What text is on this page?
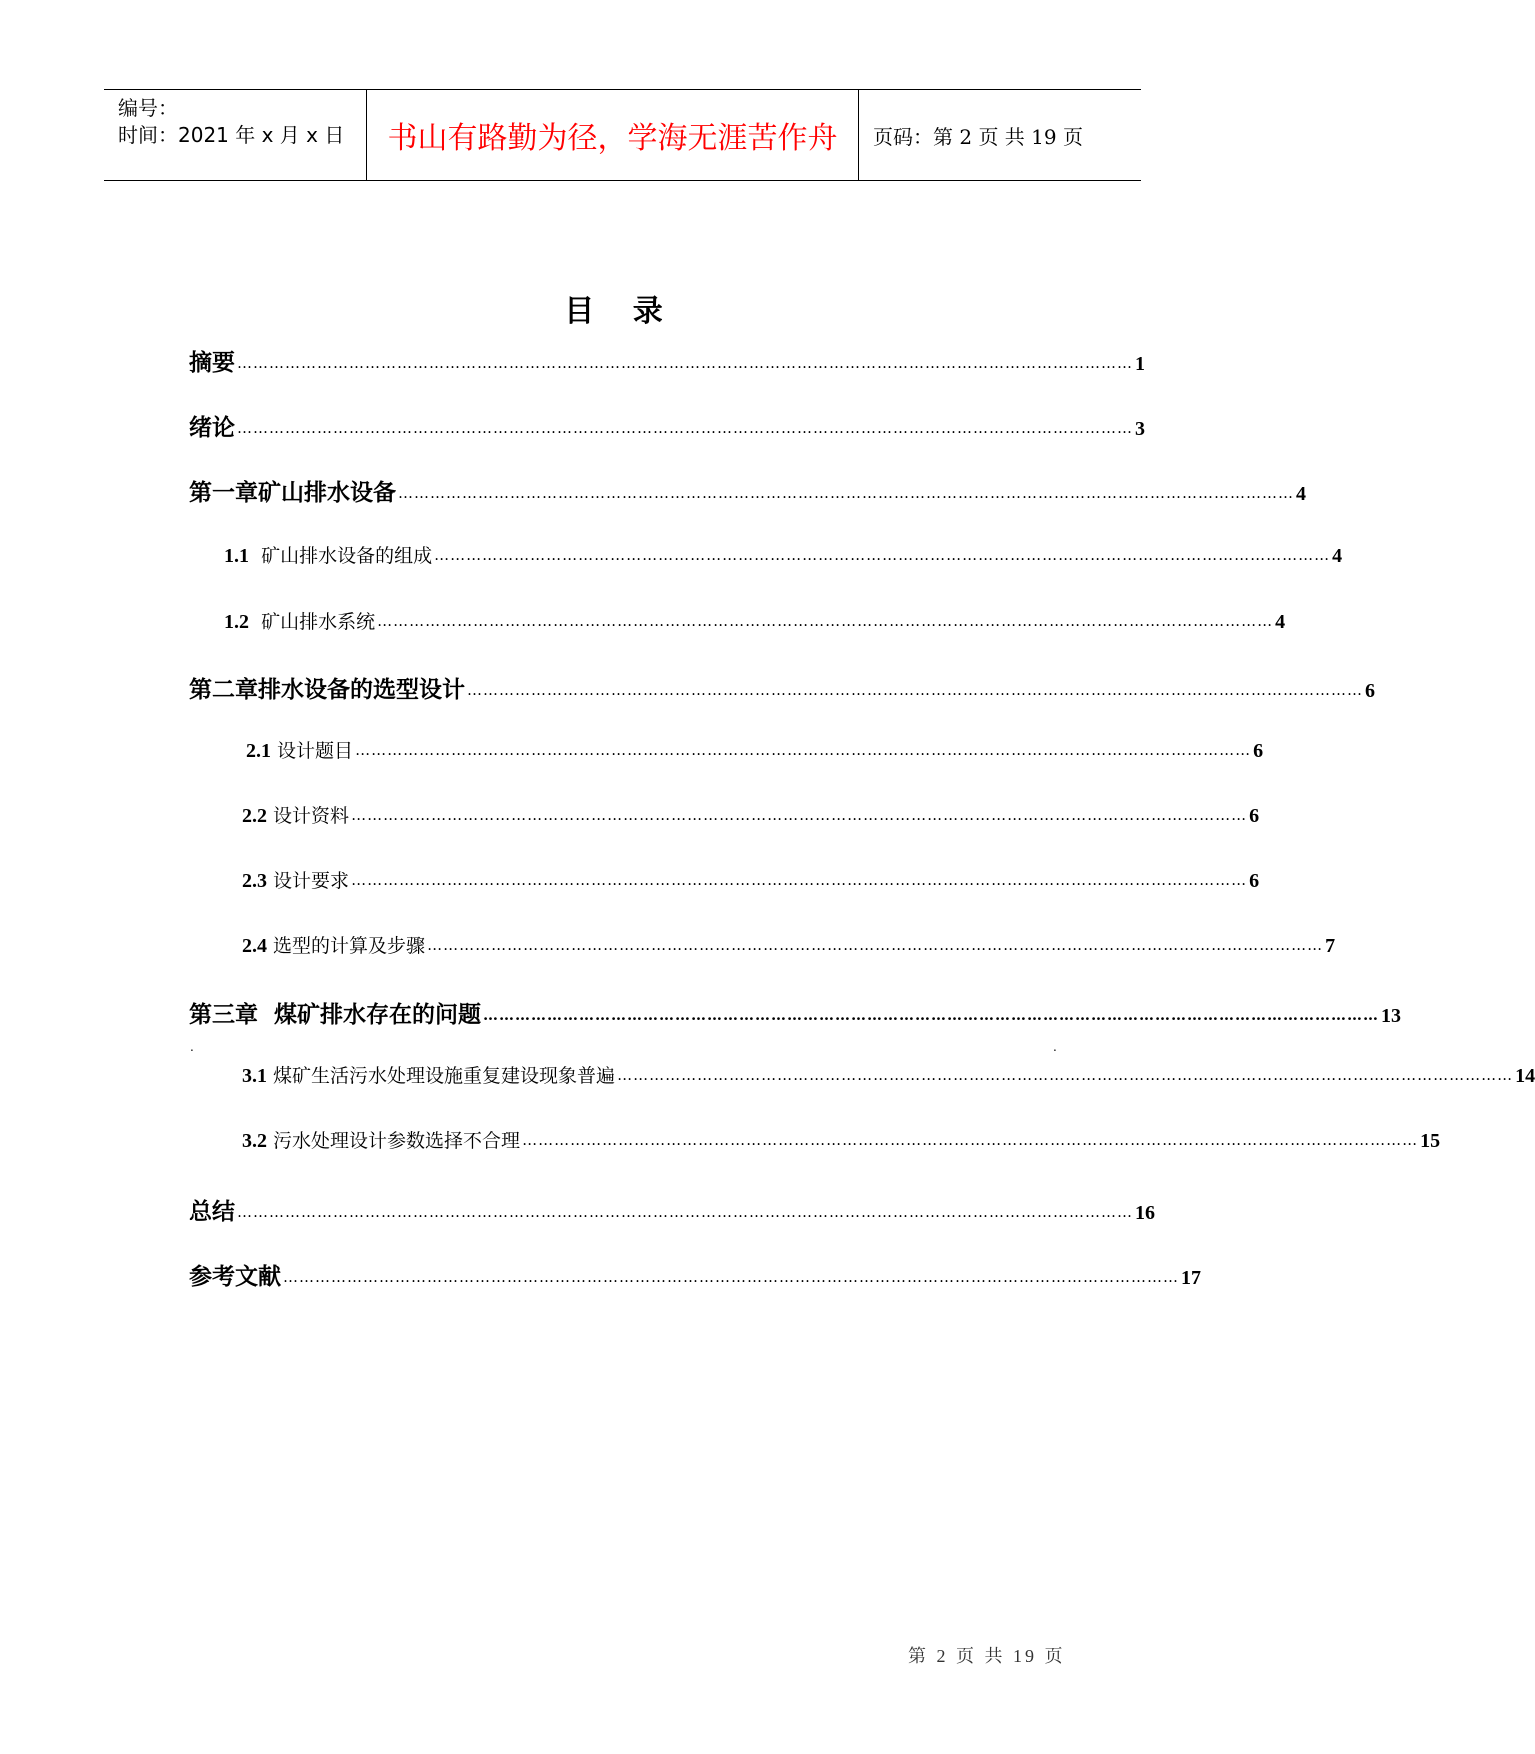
编号：
时间：2021 年 x 月 x 日 书山有路勤为径，学海无涯苦作舟	页码：第 2 页 共 19 页
目 录
摘要 …………………………………………………………………………………………………………………………………………………… 1
绪论 …………………………………………………………………………………………………………………………………………………… 3
第一章矿山排水设备 …………………………………………………………………………………………………………………………………………………… 4
1.1 矿山排水设备的组成 …………………………………………………………………………………………………………………………………………………… 4
1.2 矿山排水系统 …………………………………………………………………………………………………………………………………………………… 4
第二章排水设备的选型设计 …………………………………………………………………………………………………………………………………………………… 6
2.1 设计题目 …………………………………………………………………………………………………………………………………………………… 6
2.2 设计资料 …………………………………………………………………………………………………………………………………………………… 6
2.3 设计要求 …………………………………………………………………………………………………………………………………………………… 6
2.4 选型的计算及步骤 …………………………………………………………………………………………………………………………………………………… 7
第三章  煤矿排水存在的问题 …………………………………………………………………………………………………………………………………………………… 13
.	.
3.1 煤矿生活污水处理设施重复建设现象普遍 …………………………………………………………………………………………………………………………………………………… 14
3.2 污水处理设计参数选择不合理 …………………………………………………………………………………………………………………………………………………… 15
总结 …………………………………………………………………………………………………………………………………………………… 16
参考文献 …………………………………………………………………………………………………………………………………………………… 17
第 2 页 共 19 页
